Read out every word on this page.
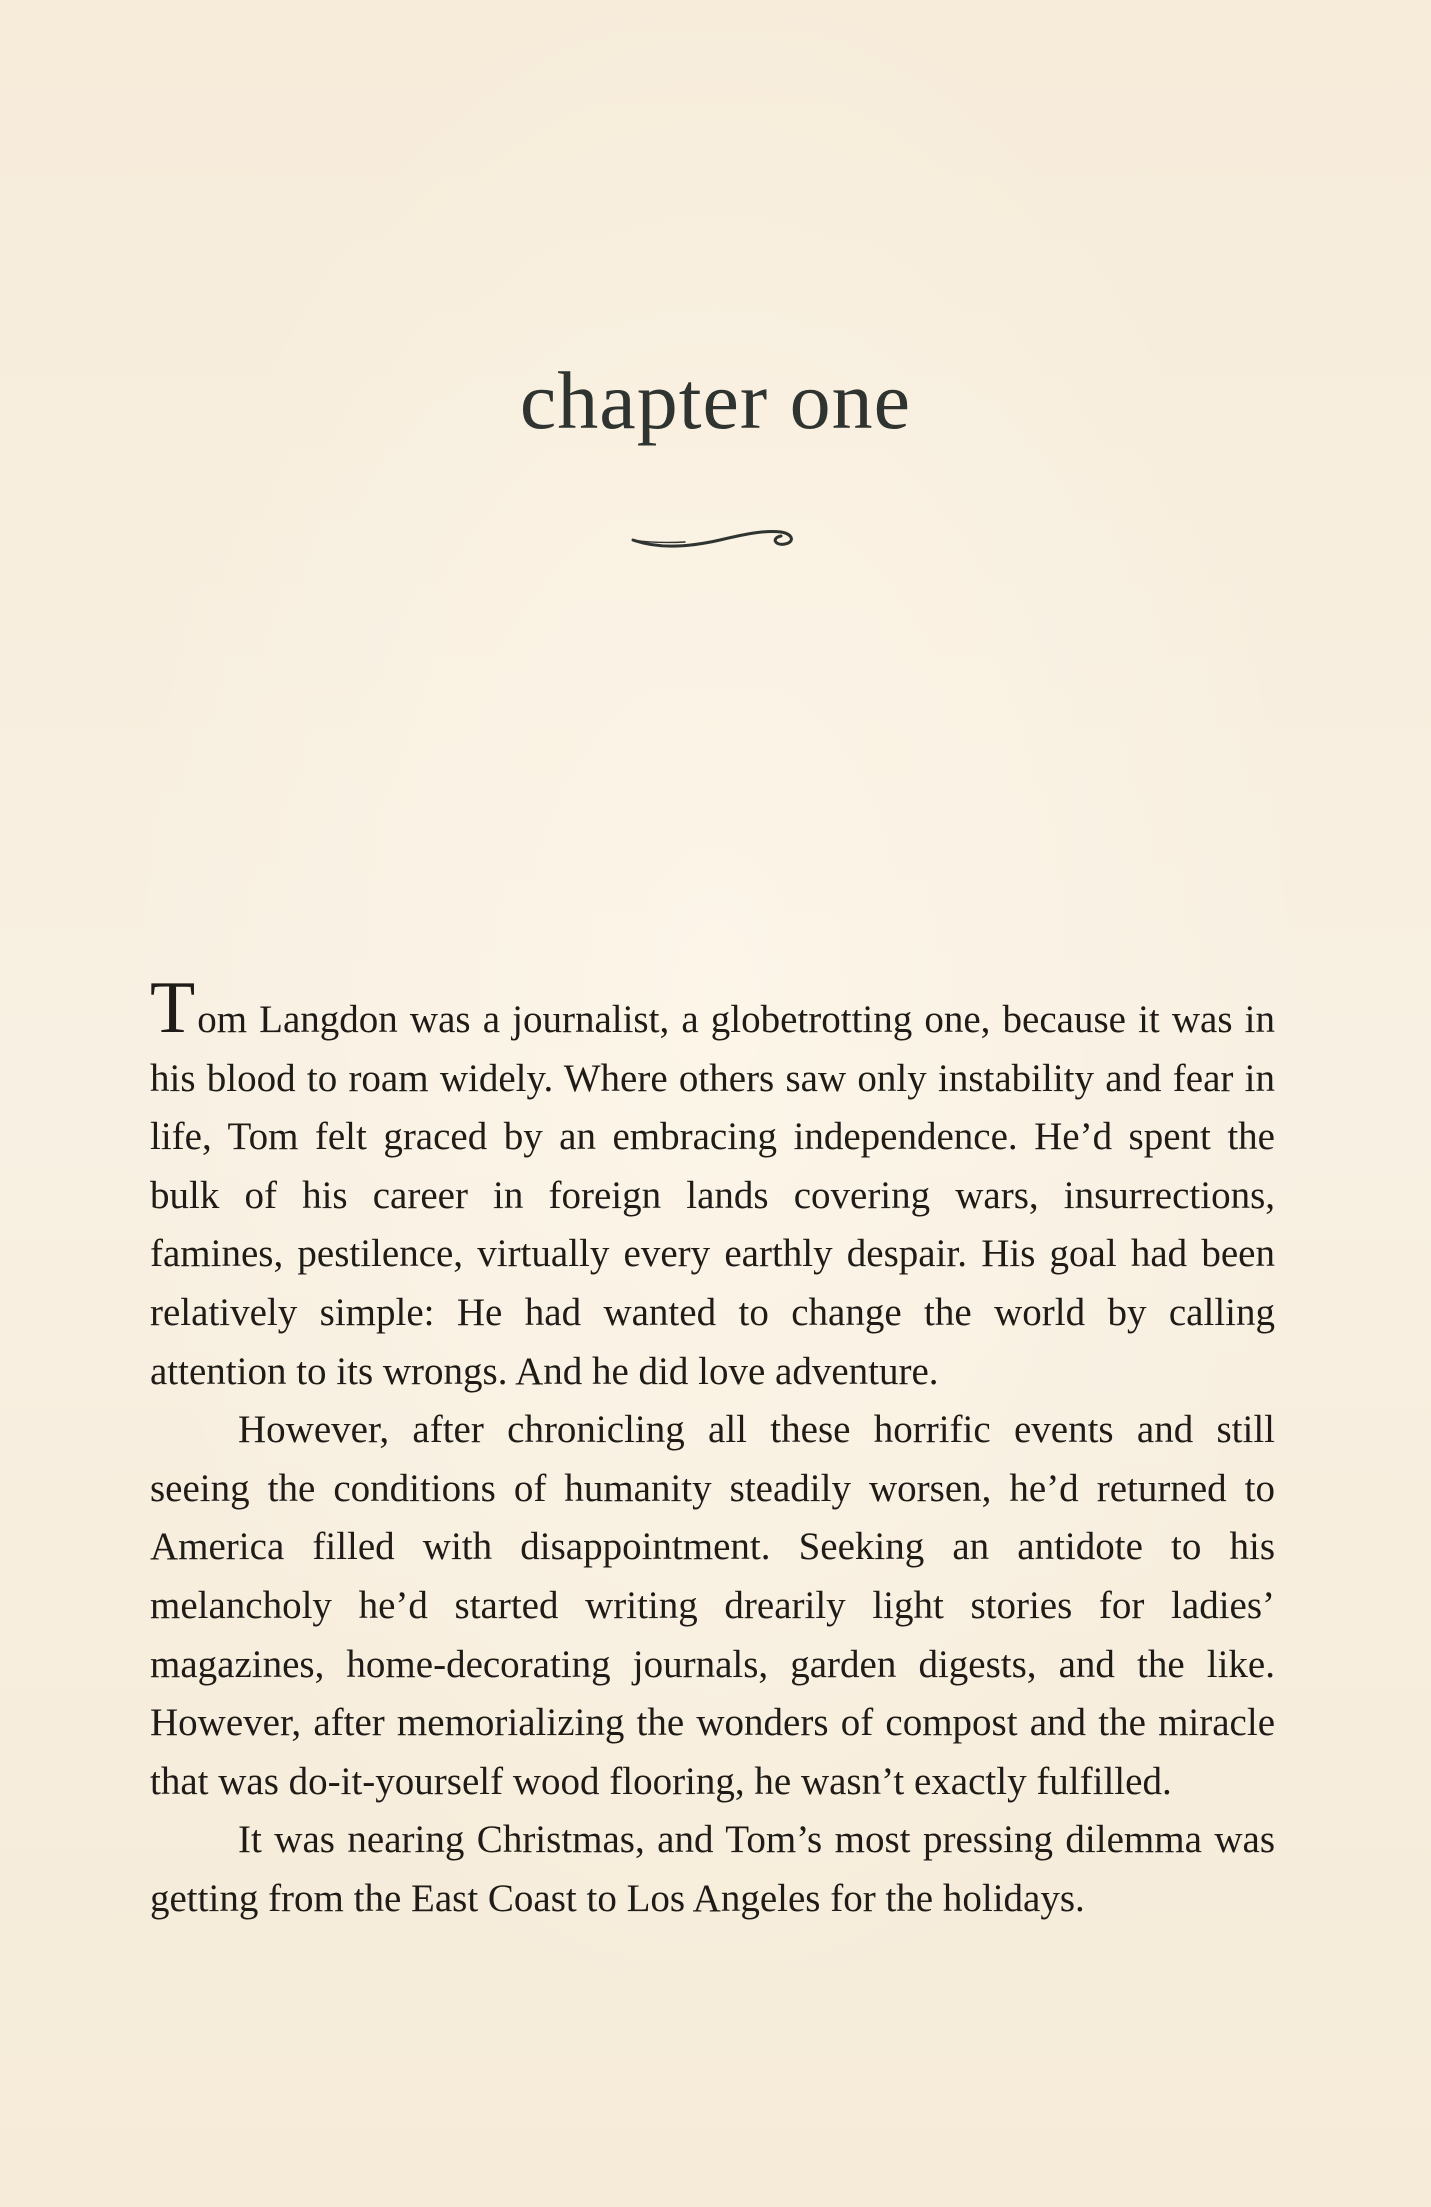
chapter one

Tom Langdon was a journalist, a globetrotting one, because it was in his blood to roam widely. Where others saw only instability and fear in life, Tom felt graced by an embracing independence. He’d spent the bulk of his career in foreign lands covering wars, insurrections, famines, pestilence, virtually every earthly despair. His goal had been relatively simple: He had wanted to change the world by calling attention to its wrongs. And he did love adventure.

However, after chronicling all these horrific events and still seeing the conditions of humanity steadily worsen, he’d returned to America filled with disappointment. Seeking an antidote to his melancholy he’d started writing drearily light stories for ladies’ magazines, home-decorating journals, garden digests, and the like. However, after memorializing the wonders of compost and the miracle that was do-it-yourself wood flooring, he wasn’t exactly fulfilled.

It was nearing Christmas, and Tom’s most pressing dilemma was getting from the East Coast to Los Angeles for the holidays.
